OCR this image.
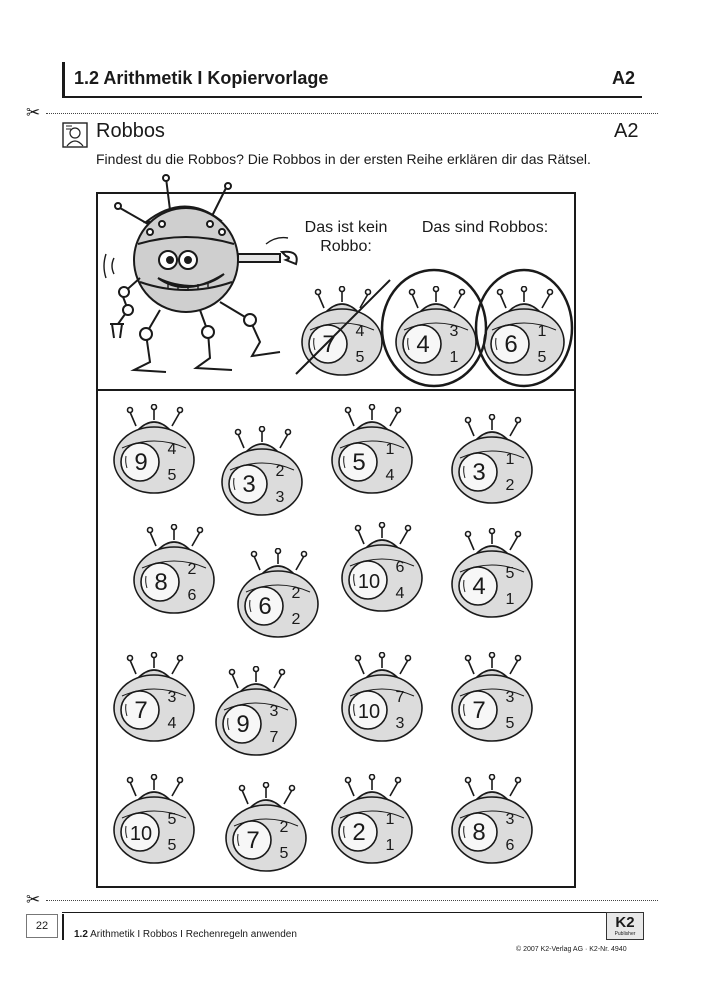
1.2 Arithmetik I Kopiervorlage	A2
✂
Robbos	A2
Findest du die Robbos? Die Robbos in der ersten Reihe erklären dir das Rätsel.
Das ist kein
Robbo:
Das sind Robbos:
7 4
5 4 3
1 6 1
5
9 4
5	3 2
3
5 1
4	3 1
2
8 2
6	6 2
2
10
6
4	4 5
1
7 3
4 9 3
7
10
7
3	7 3
5
10
5
5	7 2
5
2 1
1	8 3
6
✂
22
1.2 Arithmetik I Robbos I Rechenregeln anwenden
K2
Publisher
© 2007 K2-Verlag AG · K2-Nr. 4940
